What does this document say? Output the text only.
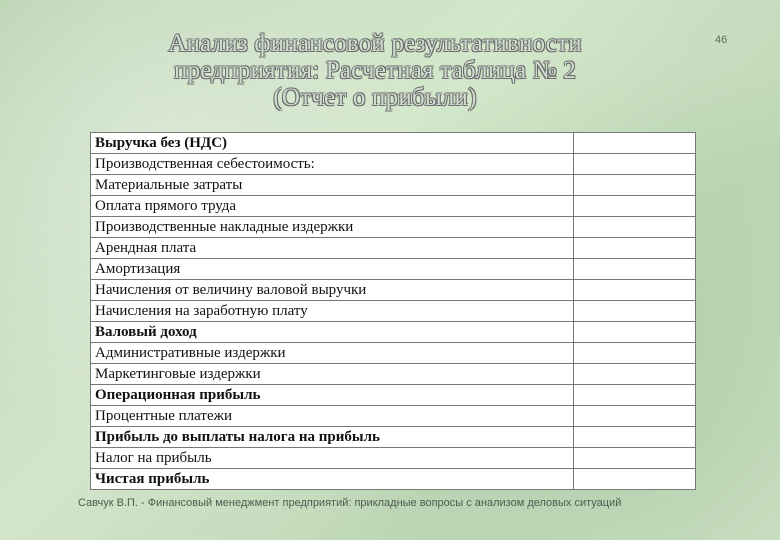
Анализ финансовой результативности
предприятия: Расчетная таблица № 2
(Отчет о прибыли)
46
Выручка без (НДС)	
Производственная себестоимость:	
Материальные затраты	
Оплата прямого труда	
Производственные накладные издержки	
Арендная плата	
Амортизация	
Начисления от величину валовой выручки	
Начисления на заработную плату	
Валовый доход	
Административные издержки	
Маркетинговые издержки	
Операционная прибыль	
Процентные платежи	
Прибыль до выплаты налога на прибыль	
Налог на прибыль	
Чистая прибыль	
Савчук В.П. - Финансовый менеджмент предприятий: прикладные вопросы с анализом деловых ситуаций
